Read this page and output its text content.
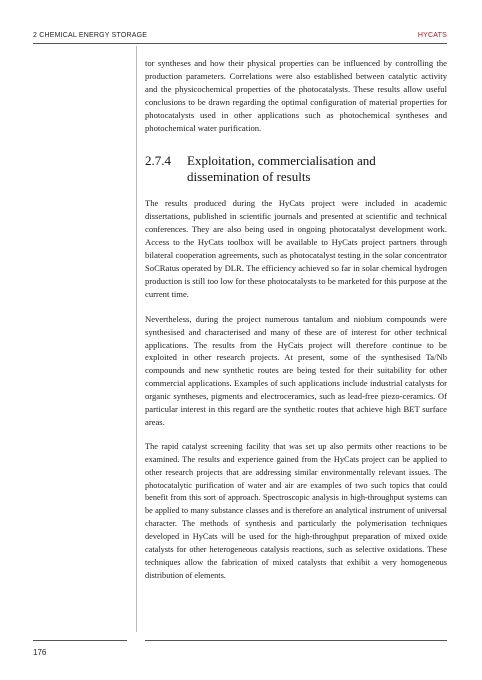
2 CHEMICAL ENERGY STORAGE	HYCATS

tor syntheses and how their physical properties can be influenced by controlling the production parameters. Correlations were also established between catalytic activity and the physicochemical properties of the photocatalysts. These results allow useful conclusions to be drawn regarding the optimal configuration of material properties for photocatalysts used in other applications such as photochemical syntheses and photochemical water purification.

2.7.4	Exploitation, commercialisation and dissemination of results

The results produced during the HyCats project were included in academic dissertations, published in scientific journals and presented at scientific and technical conferences. They are also being used in ongoing photocatalyst development work. Access to the HyCats toolbox will be available to HyCats project partners through bilateral cooperation agreements, such as photocatalyst testing in the solar concentrator SoCRatus operated by DLR. The efficiency achieved so far in solar chemical hydrogen production is still too low for these photocatalysts to be marketed for this purpose at the current time.

Nevertheless, during the project numerous tantalum and niobium compounds were synthesised and characterised and many of these are of interest for other technical applications. The results from the HyCats project will therefore continue to be exploited in other research projects. At present, some of the synthesised Ta/Nb compounds and new synthetic routes are being tested for their suitability for other commercial applications. Examples of such applications include industrial catalysts for organic syntheses, pigments and electroceramics, such as lead-free piezo-ceramics. Of particular interest in this regard are the synthetic routes that achieve high BET surface areas.

The rapid catalyst screening facility that was set up also permits other reactions to be examined. The results and experience gained from the HyCats project can be applied to other research projects that are addressing similar environmentally relevant issues. The photocatalytic purification of water and air are examples of two such topics that could benefit from this sort of approach. Spectroscopic analysis in high-throughput systems can be applied to many substance classes and is therefore an analytical instrument of universal character. The methods of synthesis and particularly the polymerisation techniques developed in HyCats will be used for the high-throughput preparation of mixed oxide catalysts for other heterogeneous catalysis reactions, such as selective oxidations. These techniques allow the fabrication of mixed catalysts that exhibit a very homogeneous distribution of elements.

176
